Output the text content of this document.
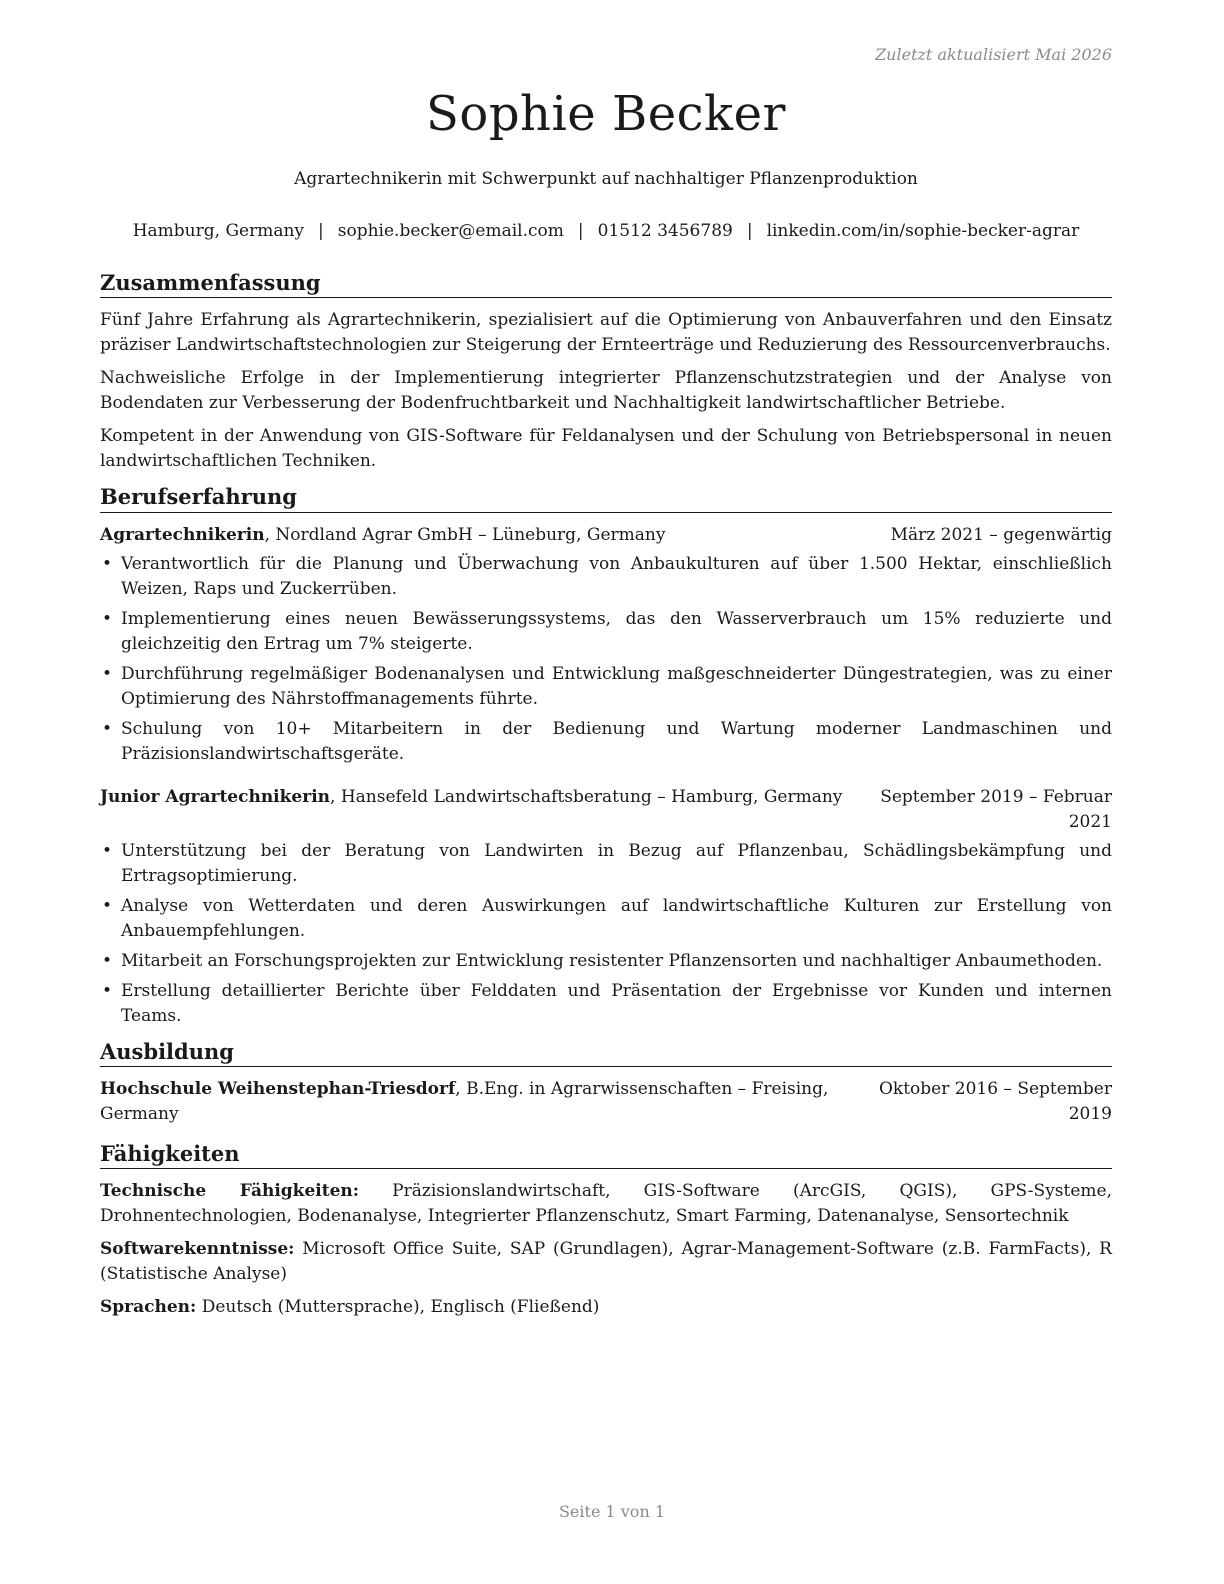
Zuletzt aktualisiert Mai 2026
Sophie Becker
Agrartechnikerin mit Schwerpunkt auf nachhaltiger Pflanzenproduktion
Hamburg, Germany | sophie.becker@email.com | 01512 3456789 | linkedin.com/in/sophie-becker-agrar
Zusammenfassung

Fünf Jahre Erfahrung als Agrartechnikerin, spezialisiert auf die Optimierung von Anbauverfahren und den Einsatz präziser Landwirtschaftstechnologien zur Steigerung der Ernteerträge und Reduzierung des Ressourcenverbrauchs.

Nachweisliche Erfolge in der Implementierung integrierter Pflanzenschutzstrategien und der Analyse von Bodendaten zur Verbesserung der Bodenfruchtbarkeit und Nachhaltigkeit landwirtschaftlicher Betriebe.

Kompetent in der Anwendung von GIS-Software für Feldanalysen und der Schulung von Betriebspersonal in neuen landwirtschaftlichen Techniken.

Berufserfahrung
Agrartechnikerin, Nordland Agrar GmbH – Lüneburg, Germany	März 2021 – gegenwärtig
• Verantwortlich für die Planung und Überwachung von Anbaukulturen auf über 1.500 Hektar, einschließlich Weizen, Raps und Zuckerrüben.
• Implementierung eines neuen Bewässerungssystems, das den Wasserverbrauch um 15% reduzierte und gleichzeitig den Ertrag um 7% steigerte.
• Durchführung regelmäßiger Bodenanalysen und Entwicklung maßgeschneiderter Düngestrategien, was zu einer Optimierung des Nährstoffmanagements führte.
• Schulung von 10+ Mitarbeitern in der Bedienung und Wartung moderner Landmaschinen und Präzisionslandwirtschaftsgeräte.
Junior Agrartechnikerin, Hansefeld Landwirtschaftsberatung – Hamburg, Germany	September 2019 – Februar 2021
• Unterstützung bei der Beratung von Landwirten in Bezug auf Pflanzenbau, Schädlingsbekämpfung und Ertragsoptimierung.
• Analyse von Wetterdaten und deren Auswirkungen auf landwirtschaftliche Kulturen zur Erstellung von Anbauempfehlungen.
• Mitarbeit an Forschungsprojekten zur Entwicklung resistenter Pflanzensorten und nachhaltiger Anbaumethoden.
• Erstellung detaillierter Berichte über Felddaten und Präsentation der Ergebnisse vor Kunden und internen Teams.
Ausbildung
Hochschule Weihenstephan-Triesdorf, B.Eng. in Agrarwissenschaften – Freising, Germany
Oktober 2016 – September 2019
Fähigkeiten

Technische Fähigkeiten: Präzisionslandwirtschaft, GIS-Software (ArcGIS, QGIS), GPS-Systeme, Drohnentechnologien, Bodenanalyse, Integrierter Pflanzenschutz, Smart Farming, Datenanalyse, Sensortechnik

Softwarekenntnisse: Microsoft Office Suite, SAP (Grundlagen), Agrar-Management-Software (z.B. FarmFacts), R (Statistische Analyse)

Sprachen: Deutsch (Muttersprache), Englisch (Fließend)

Seite 1 von 1
